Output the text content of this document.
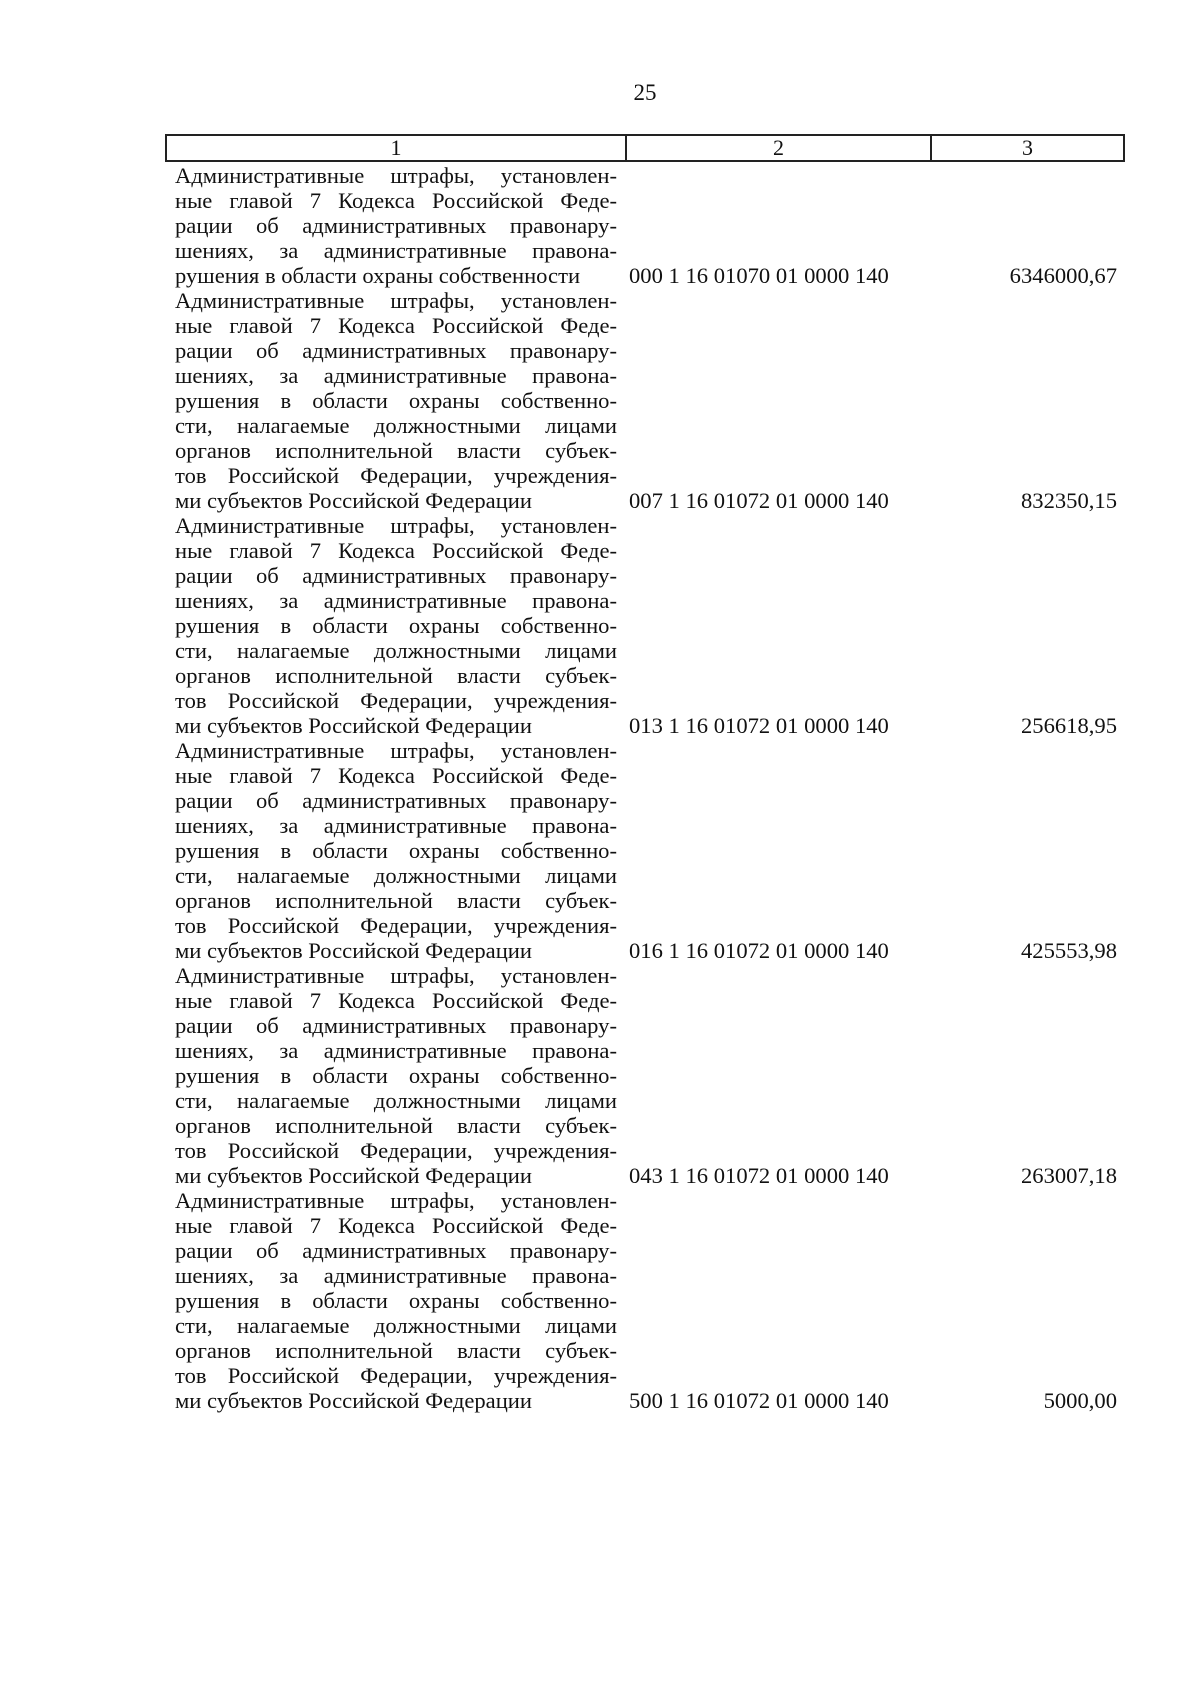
25
1	2	3
Административные штрафы, установлен-
ные главой 7 Кодекса Российской Феде-
рации об административных правонару-
шениях, за административные правона-
рушения в области охраны собственности	000 1 16 01070 01 0000 140	6346000,67
Административные штрафы, установлен-
ные главой 7 Кодекса Российской Феде-
рации об административных правонару-
шениях, за административные правона-
рушения в области охраны собственно-
сти, налагаемые должностными лицами
органов исполнительной власти субъек-
тов Российской Федерации, учреждения-
ми субъектов Российской Федерации	007 1 16 01072 01 0000 140	832350,15
Административные штрафы, установлен-
ные главой 7 Кодекса Российской Феде-
рации об административных правонару-
шениях, за административные правона-
рушения в области охраны собственно-
сти, налагаемые должностными лицами
органов исполнительной власти субъек-
тов Российской Федерации, учреждения-
ми субъектов Российской Федерации	013 1 16 01072 01 0000 140	256618,95
Административные штрафы, установлен-
ные главой 7 Кодекса Российской Феде-
рации об административных правонару-
шениях, за административные правона-
рушения в области охраны собственно-
сти, налагаемые должностными лицами
органов исполнительной власти субъек-
тов Российской Федерации, учреждения-
ми субъектов Российской Федерации	016 1 16 01072 01 0000 140	425553,98
Административные штрафы, установлен-
ные главой 7 Кодекса Российской Феде-
рации об административных правонару-
шениях, за административные правона-
рушения в области охраны собственно-
сти, налагаемые должностными лицами
органов исполнительной власти субъек-
тов Российской Федерации, учреждения-
ми субъектов Российской Федерации	043 1 16 01072 01 0000 140	263007,18
Административные штрафы, установлен-
ные главой 7 Кодекса Российской Феде-
рации об административных правонару-
шениях, за административные правона-
рушения в области охраны собственно-
сти, налагаемые должностными лицами
органов исполнительной власти субъек-
тов Российской Федерации, учреждения-
ми субъектов Российской Федерации	500 1 16 01072 01 0000 140	5000,00
